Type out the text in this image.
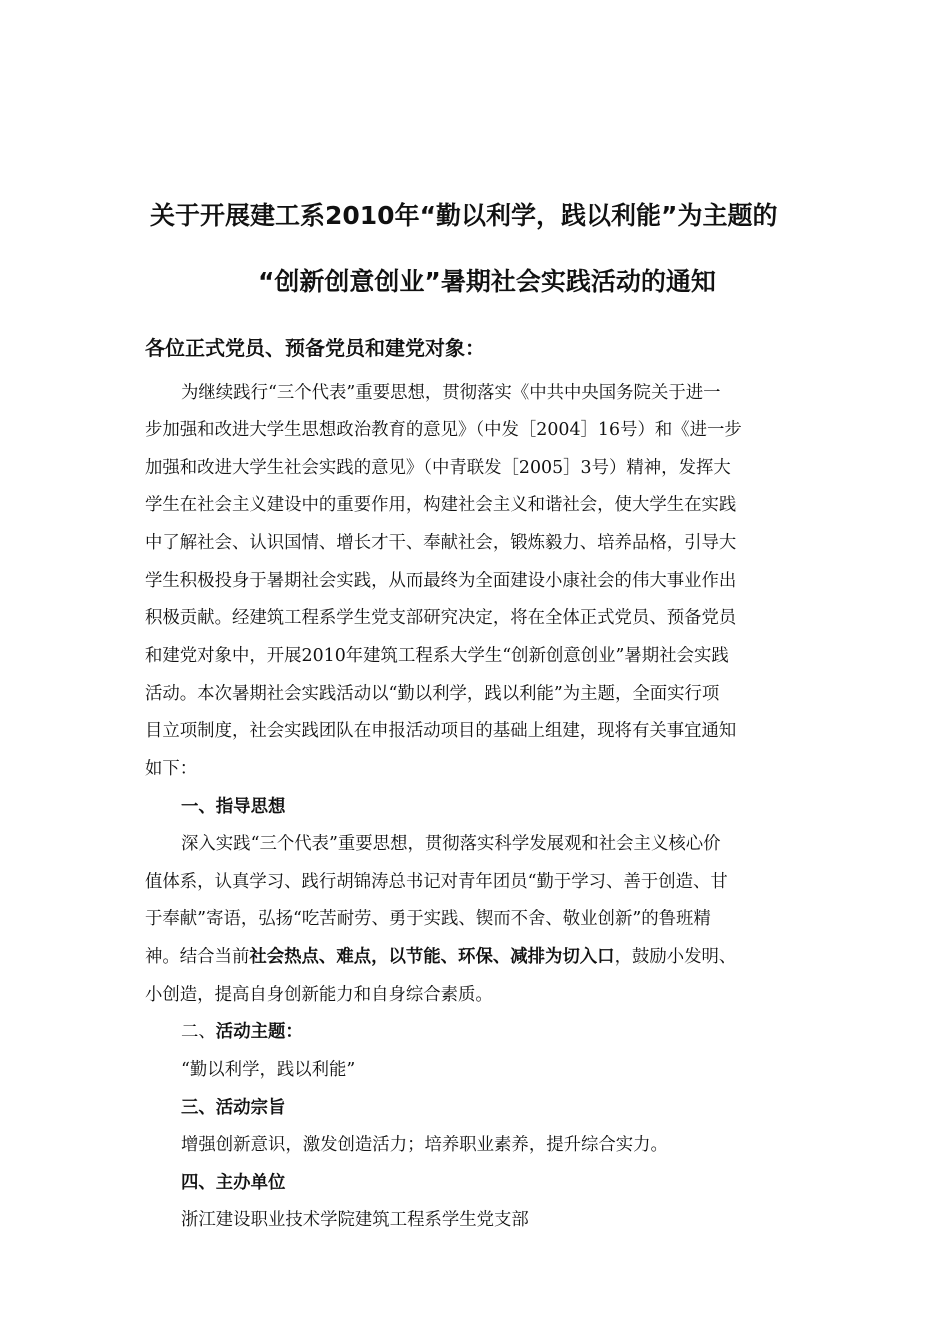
关于开展建工系2010年“勤以利学，践以利能”为主题的
“创新创意创业”暑期社会实践活动的通知
各位正式党员、预备党员和建党对象：
为继续践行“三个代表”重要思想，贯彻落实《中共中央国务院关于进一
步加强和改进大学生思想政治教育的意见》（中发［2004］16号）和《进一步
加强和改进大学生社会实践的意见》（中青联发［2005］3号）精神，发挥大
学生在社会主义建设中的重要作用，构建社会主义和谐社会，使大学生在实践
中了解社会、认识国情、增长才干、奉献社会，锻炼毅力、培养品格，引导大
学生积极投身于暑期社会实践，从而最终为全面建设小康社会的伟大事业作出
积极贡献。经建筑工程系学生党支部研究决定，将在全体正式党员、预备党员
和建党对象中，开展2010年建筑工程系大学生“创新创意创业”暑期社会实践
活动。本次暑期社会实践活动以“勤以利学，践以利能”为主题，全面实行项
目立项制度，社会实践团队在申报活动项目的基础上组建，现将有关事宜通知
如下：
一、指导思想
深入实践“三个代表”重要思想，贯彻落实科学发展观和社会主义核心价
值体系，认真学习、践行胡锦涛总书记对青年团员“勤于学习、善于创造、甘
于奉献”寄语，弘扬“吃苦耐劳、勇于实践、锲而不舍、敬业创新”的鲁班精
神。结合当前社会热点、难点，以节能、环保、减排为切入口，鼓励小发明、
小创造，提高自身创新能力和自身综合素质。
二、活动主题：
“勤以利学，践以利能”
三、活动宗旨
增强创新意识，激发创造活力；培养职业素养，提升综合实力。
四、主办单位
浙江建设职业技术学院建筑工程系学生党支部
